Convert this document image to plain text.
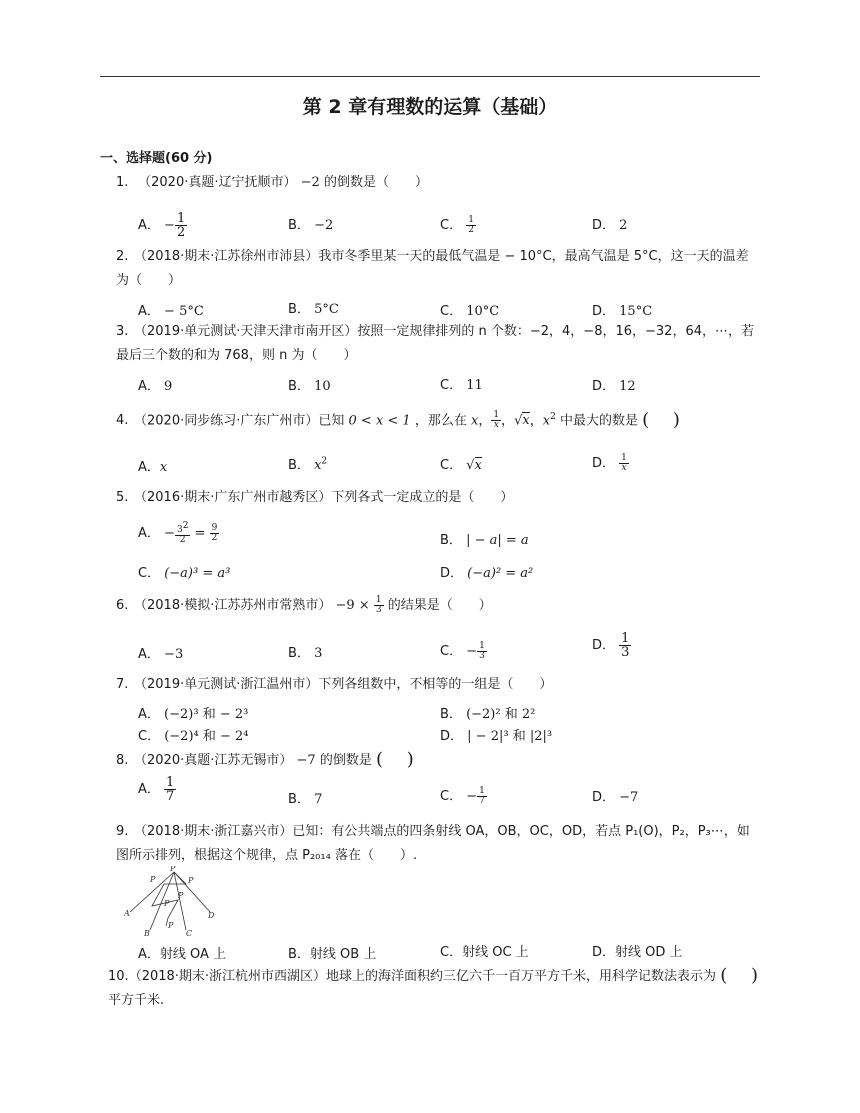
第 2 章有理数的运算（基础）
一、选择题(60 分)
1. （2020·真题·辽宁抚顺市） −2 的倒数是（　　）
A． − $\frac{1}{2}$	B． −2	C． $\frac{1}{2}$	D． 2
2. （2018·期末·江苏徐州市沛县）我市冬季里某一天的最低气温是 − 10°C，最高气温是 5°C，这一天的温差为（　　）
A． − 5°C	B． 5°C	C． 10°C	D． 15°C
3. （2019·单元测试·天津天津市南开区）按照一定规律排列的 n 个数：−2，4，−8，16，−32，64，⋯，若最后三个数的和为 768，则 n 为（　　）
A． 9	B． 10	C． 11	D． 12
4. （2020·同步练习·广东广州市）已知 0 < x < 1 ，那么在 x， $\frac{1}{x}$ ，√x，$x^2$ 中最大的数是 (　 )
A．x	B． $x^2$	C． √x	D． $\frac{1}{x}$
5. （2016·期末·广东广州市越秀区）下列各式一定成立的是（　　）
A． − $\frac{3^2}{2} = \frac{9}{2}$	B． | − a| = a
C． (−a)³ = a³	D． (−a)² = a²
6. （2018·模拟·江苏苏州市常熟市） $-9 \times \frac{1}{3}$ 的结果是（　　）
A． −3	B． 3	C． − $\frac{1}{3}$	D． $\frac{1}{3}$
7. （2019·单元测试·浙江温州市）下列各组数中，不相等的一组是（　　）
A． (−2)³ 和 − 2³	B． (−2)² 和 2²
C． (−2)⁴ 和 − 2⁴	D． | − 2|³ 和 |2|³
8. （2020·真题·江苏无锡市） −7 的倒数是 (　 )
A． $\frac{1}{7}$	B． 7	C． − $\frac{1}{7}$	D． −7
9. （2018·期末·浙江嘉兴市）已知：有公共端点的四条射线 OA，OB，OC，OD，若点 P₁(O)，P₂，P₃⋯，如图所示排列，根据这个规律，点 P₂₀₁₄ 落在（　　）.
P
P	P
P
P
P
A
B	C
D
A．射线 OA 上	B．射线 OB 上	C．射线 OC 上	D．射线 OD 上
10.（2018·期末·浙江杭州市西湖区）地球上的海洋面积约三亿六千一百万平方千米，用科学记数法表示为 (　 ) 平方千米.
